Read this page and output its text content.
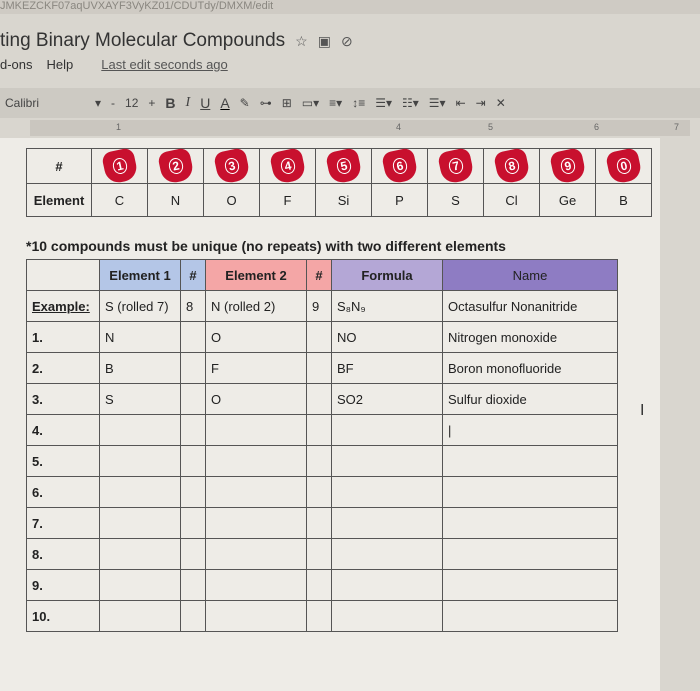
JMKEZCKF07aqUVXAYF3VyKZ01/CDUTdy/DMXM/edit
ting Binary Molecular Compounds ☆ ▣ ⊘
d-ons Help Last edit seconds ago
Calibri	▾ - 12 + B I U A ✎ ⊶ ⊞ ▭▾ ≡▾ ↕≡ ☰▾ ☷▾ ☰▾ ⇤ ⇥ ✕
1	4	5	6	7
#	1	2	3	4	5	6	7	8	9	0

Element	C	N	O	F	Si	P	S	Cl	Ge	B
*10 compounds must be unique (no repeats) with two different elements
	Element 1	#	Element 2	#	Formula	Name
Example:	S (rolled 7)	8	N (rolled 2)	9	S₈N₉	Octasulfur Nonanitride
1.	N		O		NO	Nitrogen monoxide
2.	B		F		BF	Boron monofluoride
3.	S		O		SO2	Sulfur dioxide
4.						|
5.						
6.						
7.						
8.						
9.						
10.						
I
